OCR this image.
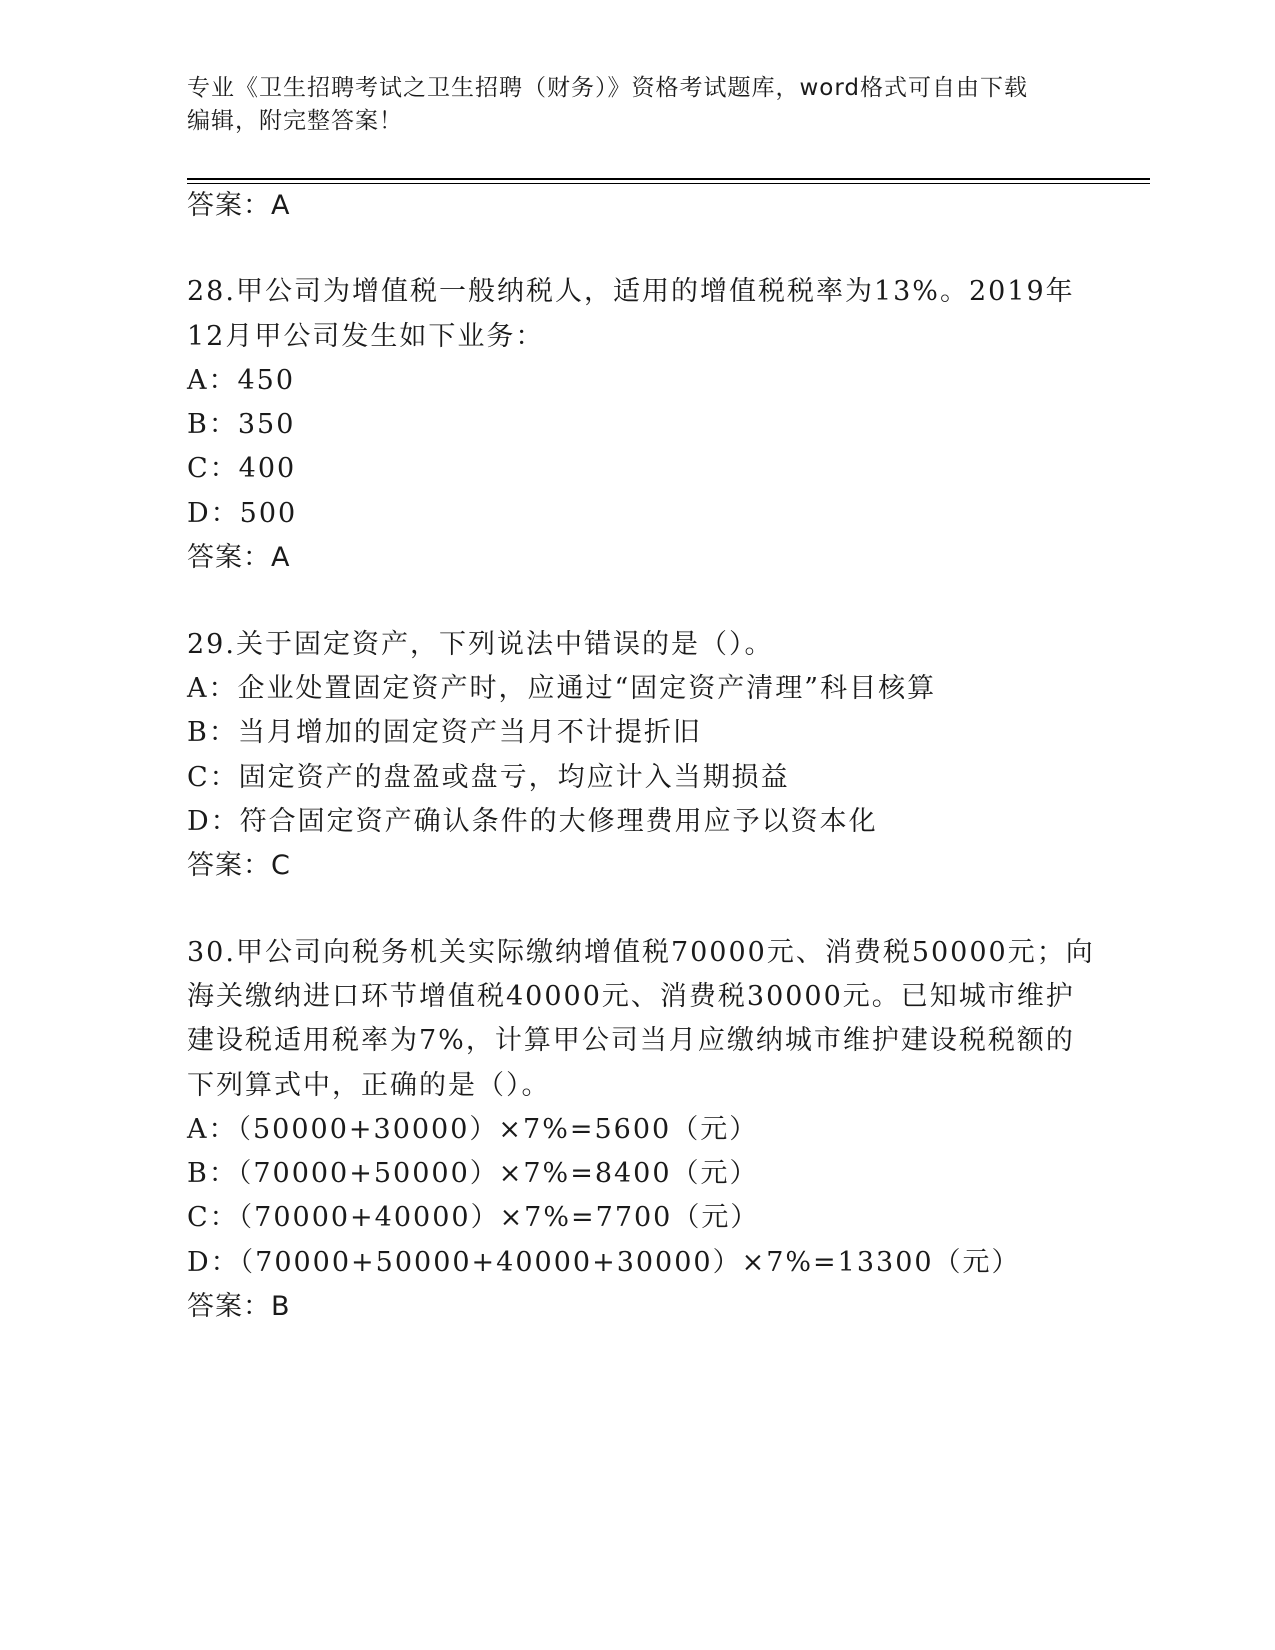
专业《卫生招聘考试之卫生招聘（财务）》资格考试题库，word格式可自由下载
编辑，附完整答案！
答案：A
28.甲公司为增值税一般纳税人，适用的增值税税率为13%。2019年
12月甲公司发生如下业务：
A：450
B：350
C：400
D：500
答案：A
29.关于固定资产，下列说法中错误的是（）。
A：企业处置固定资产时，应通过“固定资产清理”科目核算
B：当月增加的固定资产当月不计提折旧
C：固定资产的盘盈或盘亏，均应计入当期损益
D：符合固定资产确认条件的大修理费用应予以资本化
答案：C
30.甲公司向税务机关实际缴纳增值税70000元、消费税50000元；向
海关缴纳进口环节增值税40000元、消费税30000元。已知城市维护
建设税适用税率为7%，计算甲公司当月应缴纳城市维护建设税税额的
下列算式中，正确的是（）。
A：（50000+30000）×7%=5600（元）
B：（70000+50000）×7%=8400（元）
C：（70000+40000）×7%=7700（元）
D：（70000+50000+40000+30000）×7%=13300（元）
答案：B
